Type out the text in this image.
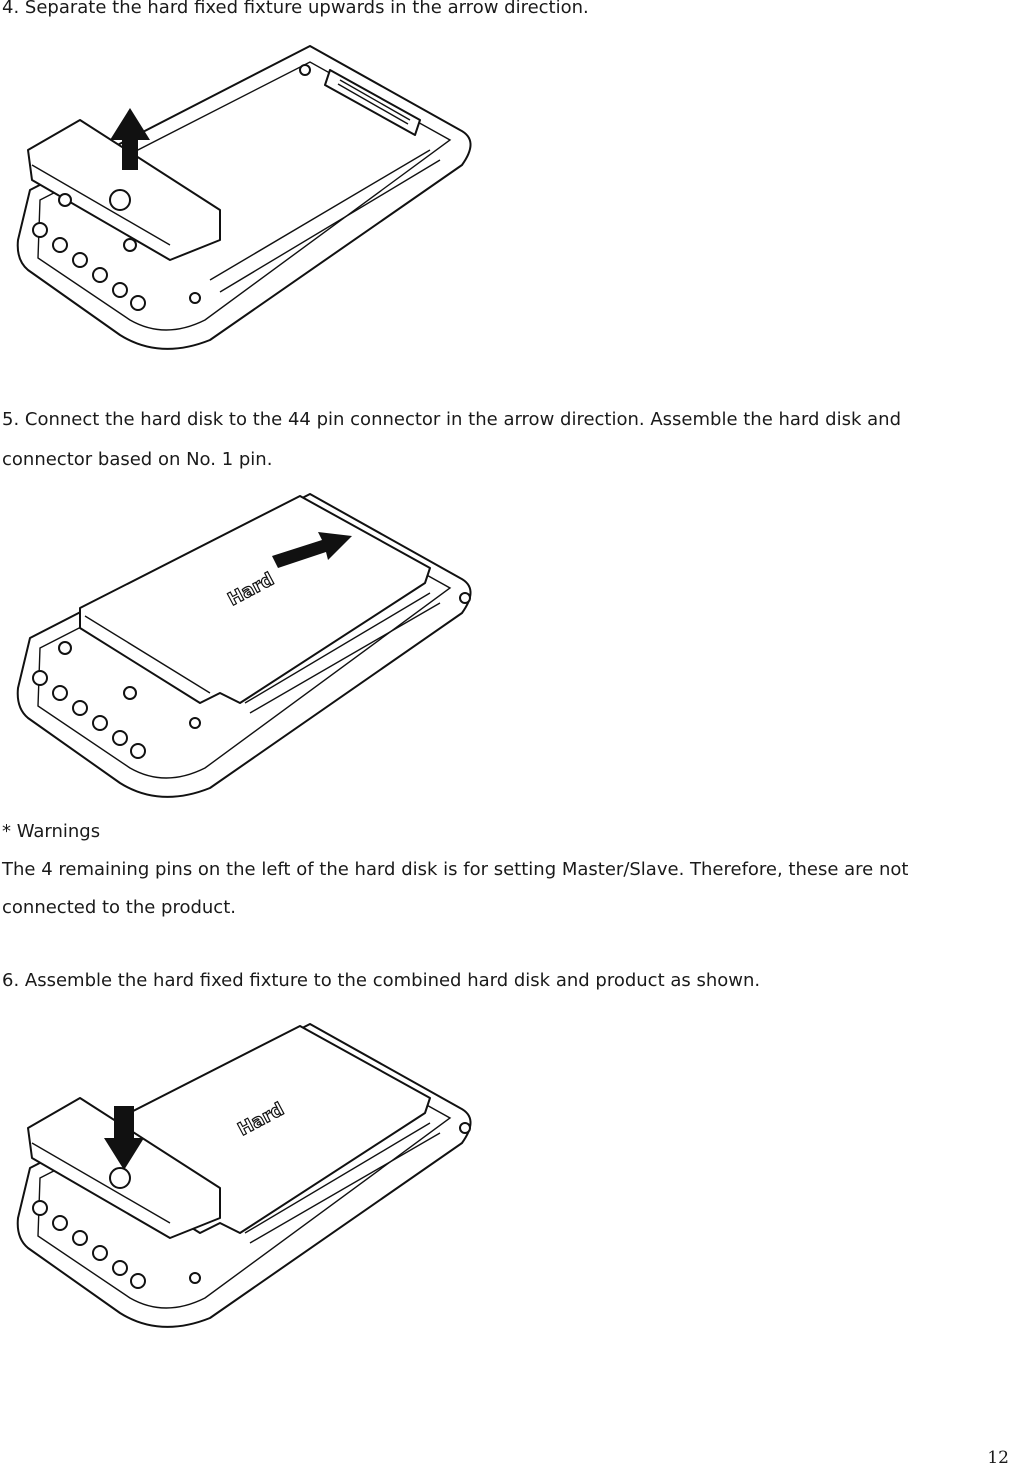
4. Separate the hard fixed fixture upwards in the arrow direction.

5. Connect the hard disk to the 44 pin connector in the arrow direction. Assemble the hard disk and

connector based on No. 1 pin.

Hard

* Warnings

The 4 remaining pins on the left of the hard disk is for setting Master/Slave. Therefore, these are not

connected to the product.

6. Assemble the hard fixed fixture to the combined hard disk and product as shown.

Hard
12
